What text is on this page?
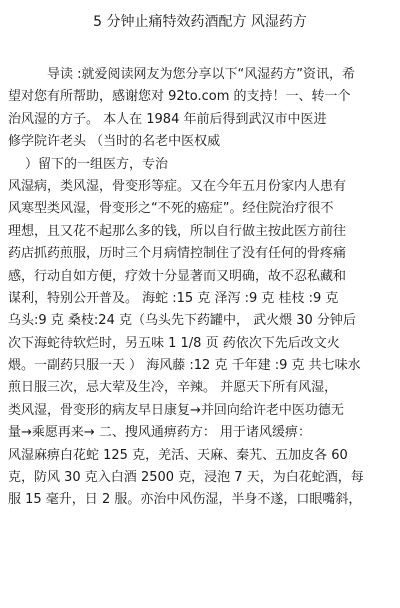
5 分钟止痛特效药酒配方 风湿药方
导读 :就爱阅读网友为您分享以下“风湿药方”资讯，希
望对您有所帮助，感谢您对 92to.com 的支持！一、转一个
治风湿的方子。 本人在 1984 年前后得到武汉市中医进
修学院许老头 （当时的名老中医权威
）留下的一组医方，专治
风湿病，类风湿，骨变形等症。又在今年五月份家内人患有
风寒型类风湿，骨变形之“不死的癌症”。经住院治疗很不
理想，且又花不起那么多的钱，所以自行做主按此医方前往
药店抓药煎服，历时三个月病情控制住了没有任何的骨疼痛
感，行动自如方便，疗效十分显著而又明确，故不忍私藏和
谋利，特别公开普及。 海蛇 :15 克 泽泻 :9 克 桂枝 :9 克
乌头:9 克 桑枝:24 克（乌头先下药罐中， 武火煨 30 分钟后
次下海蛇待软烂时，另五味 1 1/8 页 药依次下先后改文火
煨。一副药只服一天 ） 海风藤 :12 克 千年建 :9 克 共七味水
煎日服三次，忌大荤及生冷，辛辣。 并愿天下所有风湿，
类风湿，骨变形的病友早日康复→并回向给许老中医功德无
量→乘愿再来→ 二、搜风通痹药方： 用于诸风缓痹：
风湿麻痹白花蛇 125 克，羌活、天麻、秦艽、五加皮各 60
克，防风 30 克入白酒 2500 克，浸泡 7 天，为白花蛇酒，每
服 15 毫升，日 2 服。亦治中风伤湿，半身不遂，口眼嘴斜，
